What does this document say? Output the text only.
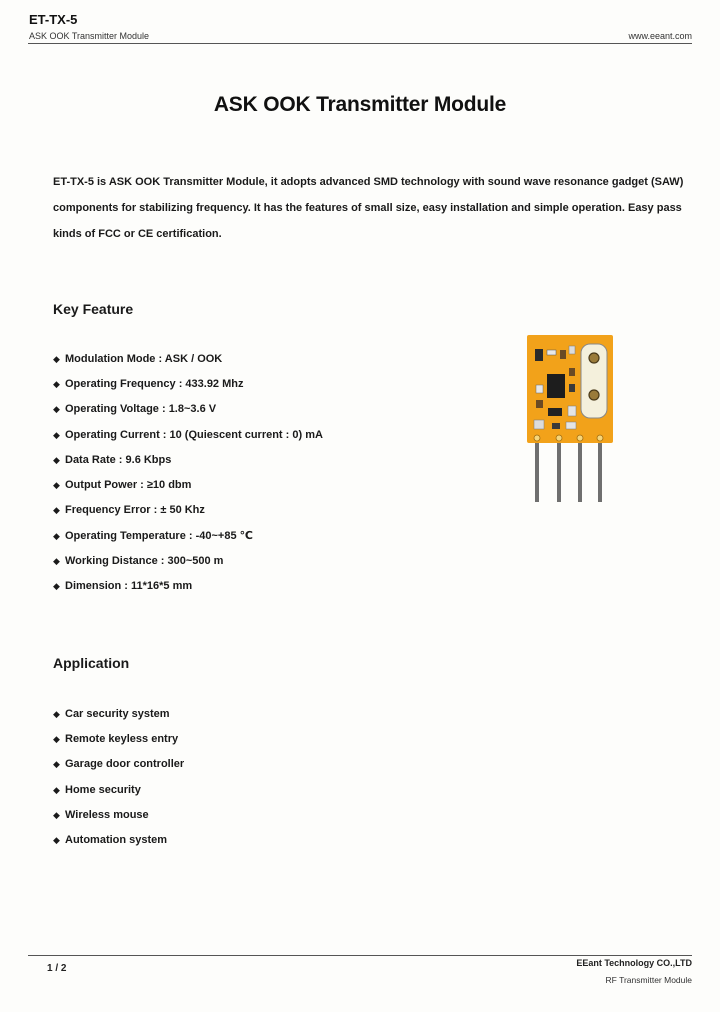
ET-TX-5
ASK OOK Transmitter Module	www.eeant.com
ASK OOK Transmitter Module
ET-TX-5 is ASK OOK Transmitter Module, it adopts advanced SMD technology with sound wave resonance gadget (SAW)
components for stabilizing frequency. It has the features of small size, easy installation and simple operation. Easy pass
kinds of FCC or CE certification.
Key Feature
◆ Modulation Mode : ASK / OOK
◆ Operating Frequency : 433.92 Mhz
◆ Operating Voltage : 1.8~3.6 V
◆ Operating Current : 10 (Quiescent current : 0) mA
◆ Data Rate : 9.6 Kbps
◆ Output Power : ≥10 dbm
◆ Frequency Error : ± 50 Khz
◆ Operating Temperature : -40~+85 ℃
◆ Working Distance : 300~500 m
◆ Dimension : 11*16*5 mm
Application
◆ Car security system
◆ Remote keyless entry
◆ Garage door controller
◆ Home security
◆ Wireless mouse
◆ Automation system
1 / 2	EEant Technology CO.,LTD
RF Transmitter Module
